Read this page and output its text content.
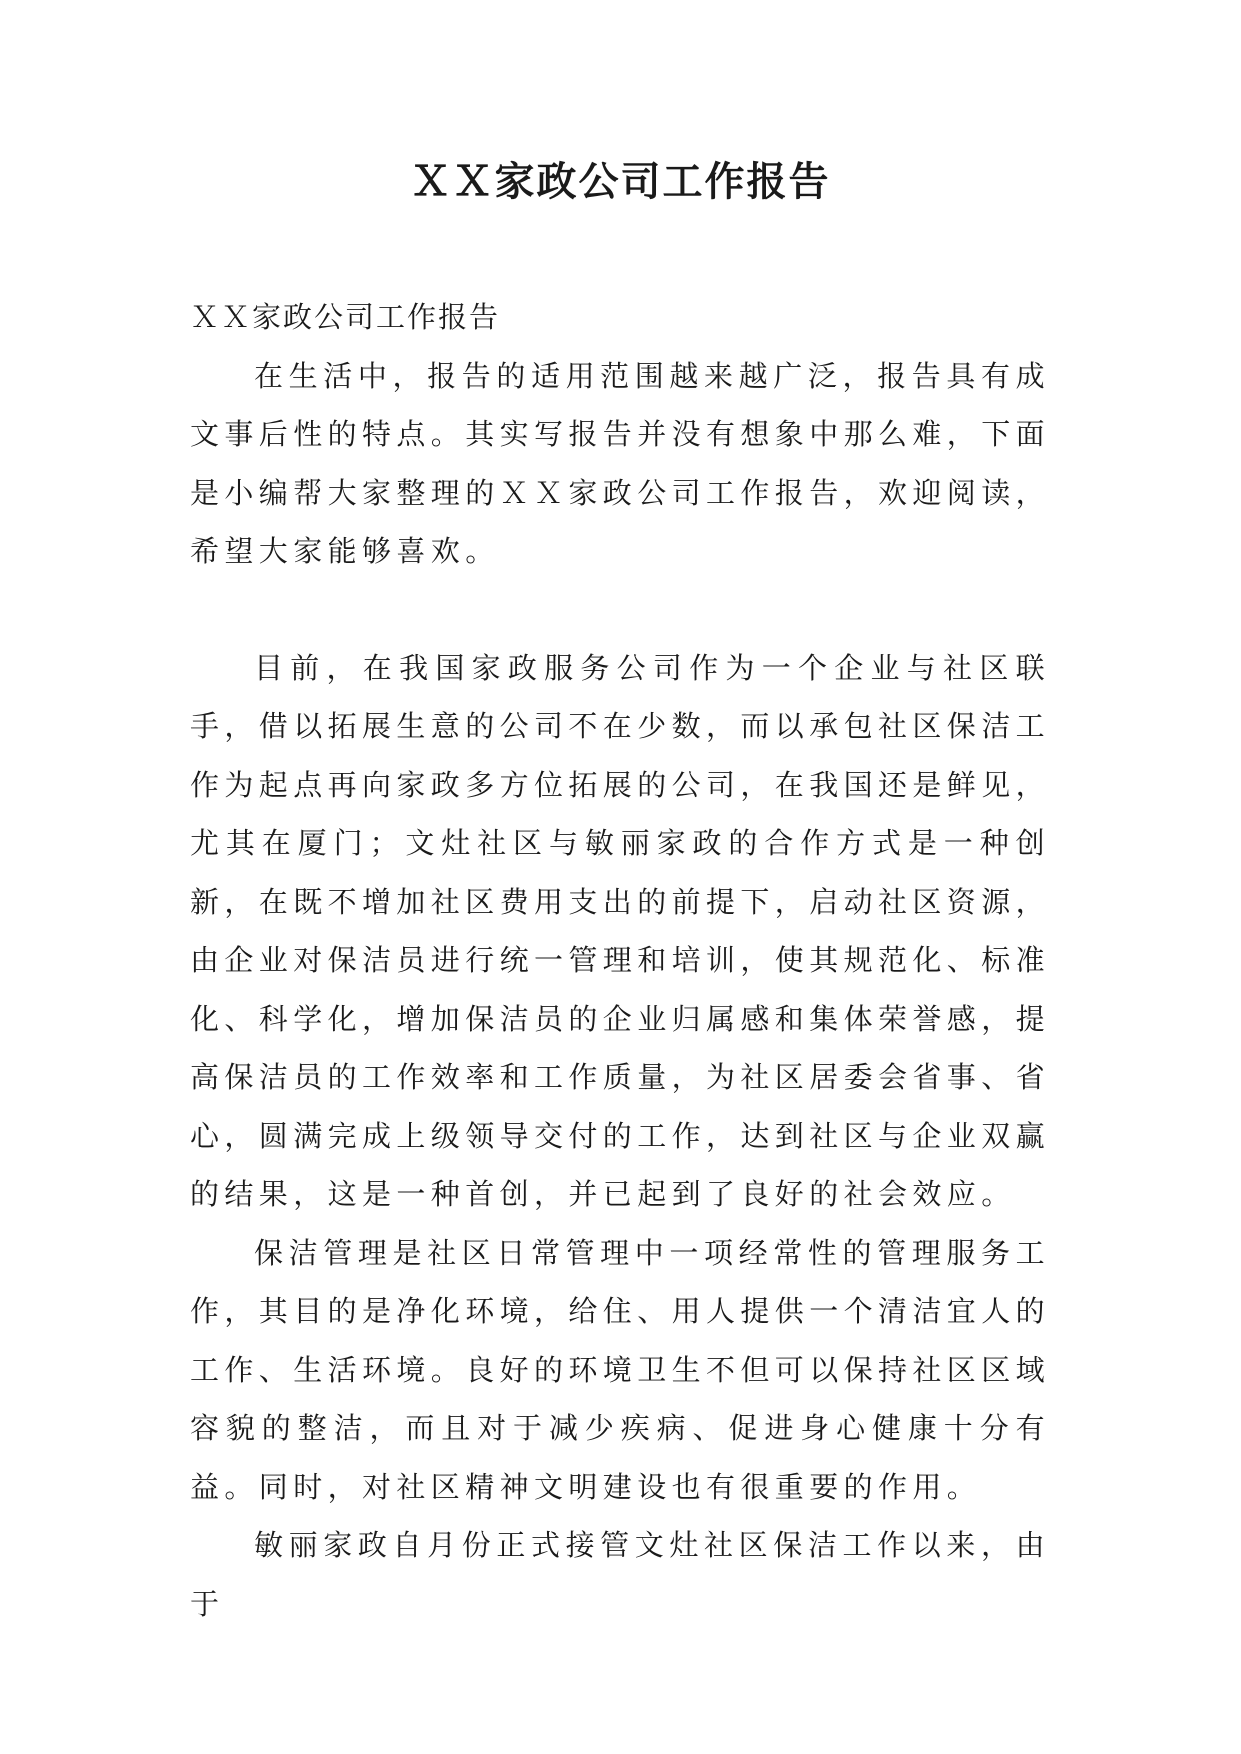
ＸＸ家政公司工作报告

ＸＸ家政公司工作报告

在生活中，报告的适用范围越来越广泛，报告具有成文事后性的特点。其实写报告并没有想象中那么难，下面是小编帮大家整理的ＸＸ家政公司工作报告，欢迎阅读，希望大家能够喜欢。

目前，在我国家政服务公司作为一个企业与社区联手，借以拓展生意的公司不在少数，而以承包社区保洁工作为起点再向家政多方位拓展的公司，在我国还是鲜见，尤其在厦门；文灶社区与敏丽家政的合作方式是一种创新，在既不增加社区费用支出的前提下，启动社区资源，由企业对保洁员进行统一管理和培训，使其规范化、标准化、科学化，增加保洁员的企业归属感和集体荣誉感，提高保洁员的工作效率和工作质量，为社区居委会省事、省心，圆满完成上级领导交付的工作，达到社区与企业双赢的结果，这是一种首创，并已起到了良好的社会效应。

保洁管理是社区日常管理中一项经常性的管理服务工作，其目的是净化环境，给住、用人提供一个清洁宜人的工作、生活环境。良好的环境卫生不但可以保持社区区域容貌的整洁，而且对于减少疾病、促进身心健康十分有益。同时，对社区精神文明建设也有很重要的作用。

敏丽家政自月份正式接管文灶社区保洁工作以来，由于
